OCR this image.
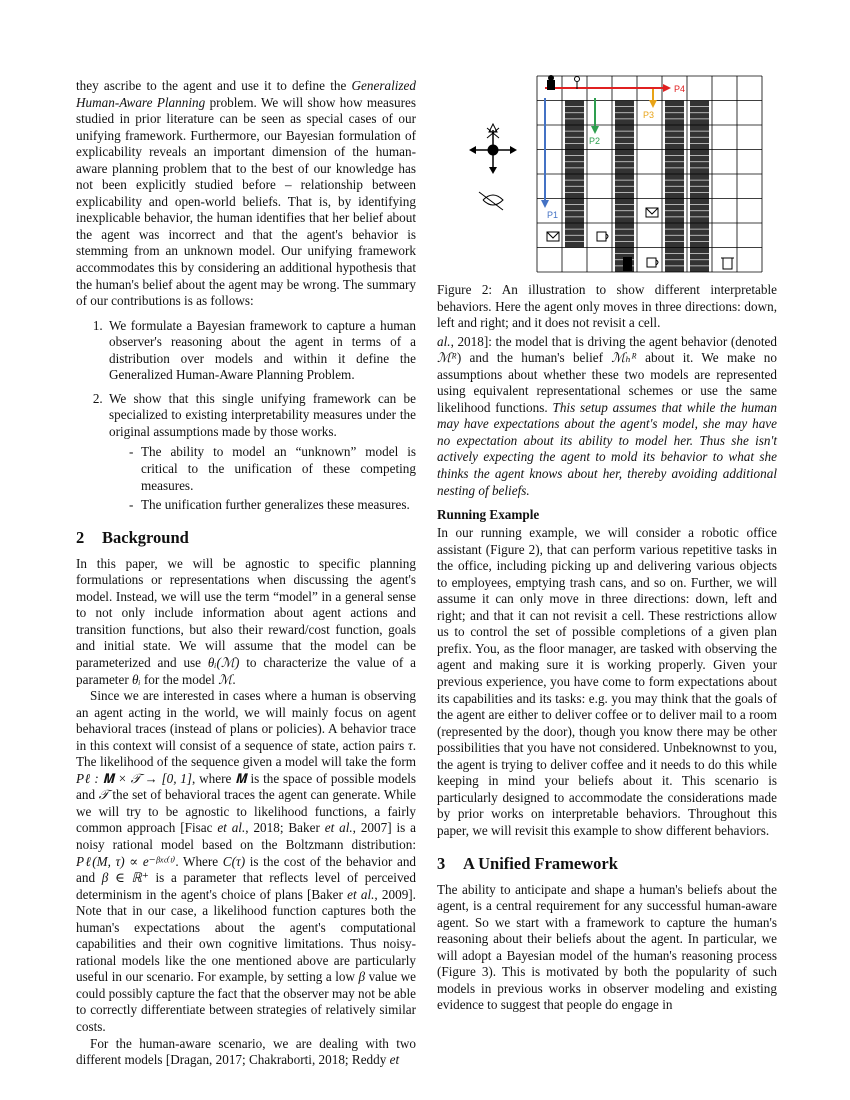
they ascribe to the agent and use it to define the Generalized Human-Aware Planning problem. We will show how measures studied in prior literature can be seen as special cases of our unifying framework. Furthermore, our Bayesian formulation of explicability reveals an important dimension of the human-aware planning problem that to the best of our knowledge has not been explicitly studied before – relationship between explicability and open-world beliefs. That is, by identifying inexplicable behavior, the human identifies that her belief about the agent was incorrect and that the agent's behavior is stemming from an unknown model. Our unifying framework accommodates this by considering an additional hypothesis that the human's belief about the agent may be wrong. The summary of our contributions is as follows:

1. We formulate a Bayesian framework to capture a human observer's reasoning about the agent in terms of a distribution over models and within it define the Generalized Human-Aware Planning Problem.
2. We show that this single unifying framework can be specialized to existing interpretability measures under the original assumptions made by those works.
- The ability to model an “unknown” model is critical to the unification of these competing measures.
- The unification further generalizes these measures.
2 Background

In this paper, we will be agnostic to specific planning formulations or representations when discussing the agent's model. Instead, we will use the term “model” in a general sense to not only include information about agent actions and transition functions, but also their reward/cost function, goals and initial state. We will assume that the model can be parameterized and use θᵢ(ℳ) to characterize the value of a parameter θᵢ for the model ℳ.

Since we are interested in cases where a human is observing an agent acting in the world, we will mainly focus on agent behavioral traces (instead of plans or policies). A behavior trace in this context will consist of a sequence of state, action pairs τ. The likelihood of the sequence given a model will take the form Pℓ : 𝐌 × 𝒯 → [0, 1], where 𝐌 is the space of possible models and 𝒯 the set of behavioral traces the agent can generate. While we will try to be agnostic to likelihood functions, a fairly common approach [Fisac et al., 2018; Baker et al., 2007] is a noisy rational model based on the Boltzmann distribution: Pℓ(M, τ) ∝ e⁻ᵝˣᶜ⁽ᵗ⁾. Where C(τ) is the cost of the behavior and and β ∈ ℝ⁺ is a parameter that reflects level of perceived determinism in the agent's choice of plans [Baker et al., 2009]. Note that in our case, a likelihood function captures both the human's expectations about the agent's computational capabilities and their own cognitive limitations. Thus noisy-rational models like the one mentioned above are particularly useful in our scenario. For example, by setting a low β value we could possibly capture the fact that the observer may not be able to correctly differentiate between strategies of relatively similar costs.

For the human-aware scenario, we are dealing with two different models [Dragan, 2017; Chakraborti, 2018; Reddy et

P1
P2
P3
P4

Figure 2: An illustration to show different interpretable behaviors. Here the agent only moves in three directions: down, left and right; and it does not revisit a cell.

al., 2018]: the model that is driving the agent behavior (denoted ℳᴿ) and the human's belief ℳₕᴿ about it. We make no assumptions about whether these two models are represented using equivalent representational schemes or use the same likelihood functions. This setup assumes that while the human may have expectations about the agent's model, she may have no expectation about its ability to model her. Thus she isn't actively expecting the agent to mold its behavior to what she thinks the agent knows about her, thereby avoiding additional nesting of beliefs.

Running Example

In our running example, we will consider a robotic office assistant (Figure 2), that can perform various repetitive tasks in the office, including picking up and delivering various objects to employees, emptying trash cans, and so on. Further, we will assume it can only move in three directions: down, left and right; and that it can not revisit a cell. These restrictions allow us to control the set of possible completions of a given plan prefix. You, as the floor manager, are tasked with observing the agent and making sure it is working properly. Given your previous experience, you have come to form expectations about its capabilities and its tasks: e.g. you may think that the goals of the agent are either to deliver coffee or to deliver mail to a room (represented by the door), though you know there may be other possibilities that you have not considered. Unbeknownst to you, the agent is trying to deliver coffee and it needs to do this while keeping in mind your beliefs about it. This scenario is particularly designed to accommodate the considerations made by prior works on interpretable behaviors. Throughout this paper, we will revisit this example to show different behaviors.

3 A Unified Framework

The ability to anticipate and shape a human's beliefs about the agent, is a central requirement for any successful human-aware agent. So we start with a framework to capture the human's reasoning about their beliefs about the agent. In particular, we will adopt a Bayesian model of the human's reasoning process (Figure 3). This is motivated by both the popularity of such models in previous works in observer modeling and existing evidence to suggest that people do engage in
